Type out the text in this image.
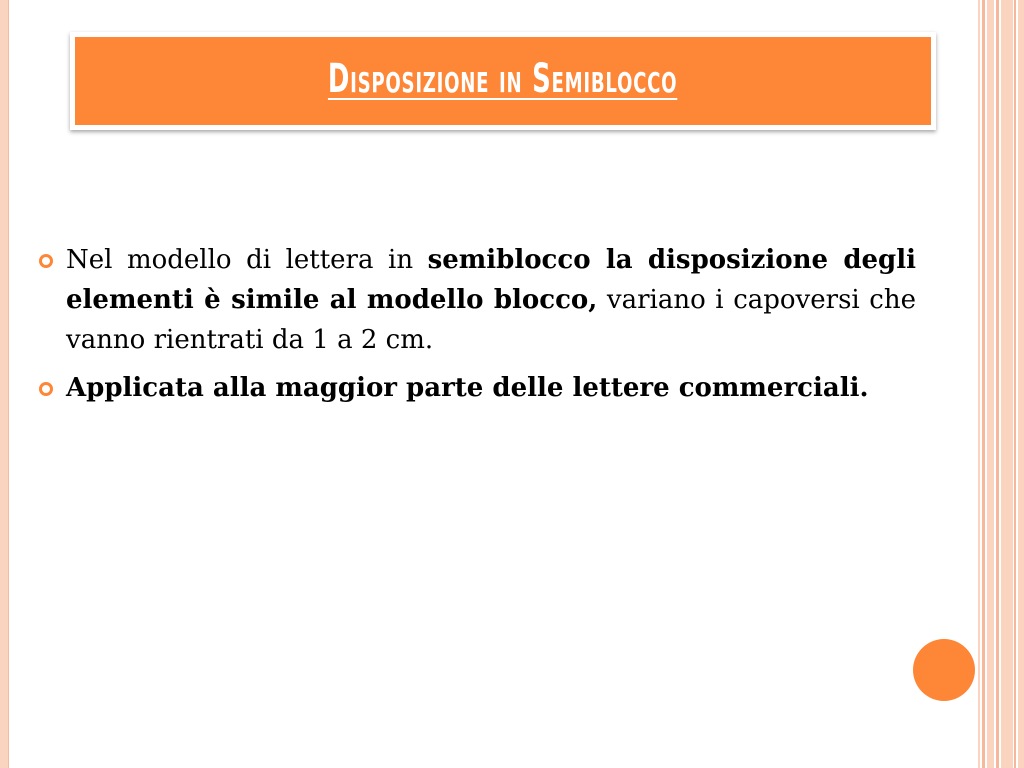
Disposizione in Semiblocco
Nel modello di lettera in semiblocco la disposizione degli elementi è simile al modello blocco, variano i capoversi che vanno rientrati da 1 a 2 cm.
Applicata alla maggior parte delle lettere commerciali.
